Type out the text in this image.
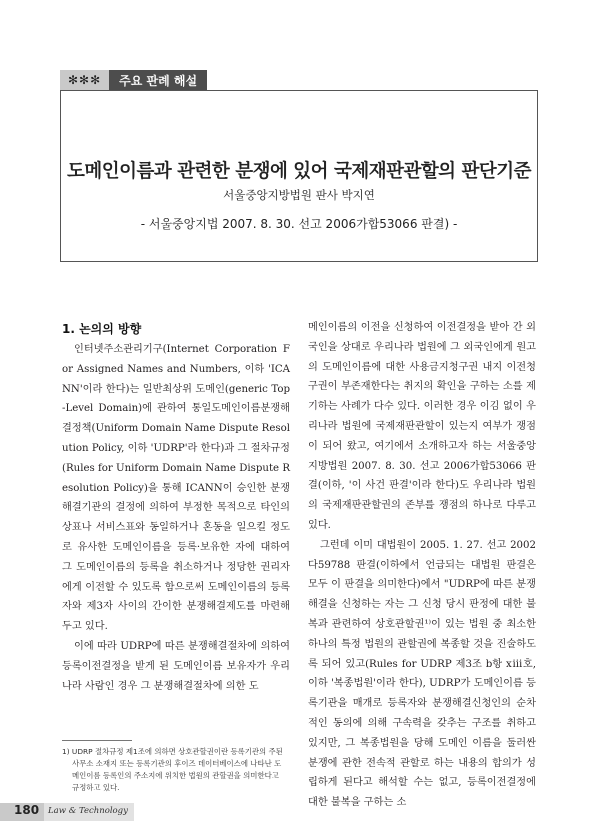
✻✻✻	주요 판례 해설
도메인이름과 관련한 분쟁에 있어 국제재판관할의 판단기준
서울중앙지방법원 판사 박지연
- 서울중앙지법 2007. 8. 30. 선고 2006가합53066 판결) -
1. 논의의 방향

인터넷주소관리기구(Internet Corporation For Assigned Names and Numbers, 이하 'ICANN'이라 한다)는 일반최상위 도메인(generic Top-Level Domain)에 관하여 통일도메인이름분쟁해결정책(Uniform Domain Name Dispute Resolution Policy, 이하 'UDRP'라 한다)과 그 절차규정(Rules for Uniform Domain Name Dispute Resolution Policy)을 통해 ICANN이 승인한 분쟁해결기관의 결정에 의하여 부정한 목적으로 타인의 상표나 서비스표와 동일하거나 혼동을 일으킬 정도로 유사한 도메인이름을 등록·보유한 자에 대하여 그 도메인이름의 등록을 취소하거나 정당한 권리자에게 이전할 수 있도록 함으로써 도메인이름의 등록자와 제3자 사이의 간이한 분쟁해결제도를 마련해 두고 있다.

이에 따라 UDRP에 따른 분쟁해결절차에 의하여 등록이전결정을 받게 된 도메인이름 보유자가 우리나라 사람인 경우 그 분쟁해결절차에 의한 도

메인이름의 이전을 신청하여 이전결정을 받아 간 외국인을 상대로 우리나라 법원에 그 외국인에게 원고의 도메인이름에 대한 사용금지청구권 내지 이전청구권이 부존재한다는 취지의 확인을 구하는 소를 제기하는 사례가 다수 있다. 이러한 경우 이김 없이 우리나라 법원에 국제재판관할이 있는지 여부가 쟁점이 되어 왔고, 여기에서 소개하고자 하는 서울중앙지방법원 2007. 8. 30. 선고 2006가합53066 판결(이하, '이 사건 판결'이라 한다)도 우리나라 법원의 국제재판관할권의 존부를 쟁점의 하나로 다루고 있다.

그런데 이미 대법원이 2005. 1. 27. 선고 2002다59788 판결(이하에서 언급되는 대법원 판결은 모두 이 판결을 의미한다)에서 "UDRP에 따른 분쟁해결을 신청하는 자는 그 신청 당시 판정에 대한 불복과 관련하여 상호관할권¹⁾이 있는 법원 중 최소한 하나의 특정 법원의 관할권에 복종할 것을 진술하도록 되어 있고(Rules for UDRP 제3조 b항 ⅹⅲ호, 이하 '복종법원'이라 한다), UDRP가 도메인이름 등록기관을 매개로 등록자와 분쟁해결신청인의 순차적인 동의에 의해 구속력을 갖추는 구조를 취하고 있지만, 그 복종법원을 당해 도메인 이름을 둘러싼 분쟁에 관한 전속적 관할로 하는 내용의 합의가 성립하게 된다고 해석할 수는 없고, 등록이전결정에 대한 불복을 구하는 소

1) UDRP 절차규정 제1조에 의하면 상호관할권이란 등록기관의 주된

사무소 소재지 또는 등록기관의 후이즈 데이터베이스에 나타난 도
메인이름 등록인의 주소지에 위치한 법원의 관할권을 의미한다고
규정하고 있다.
180 Law & Technology
